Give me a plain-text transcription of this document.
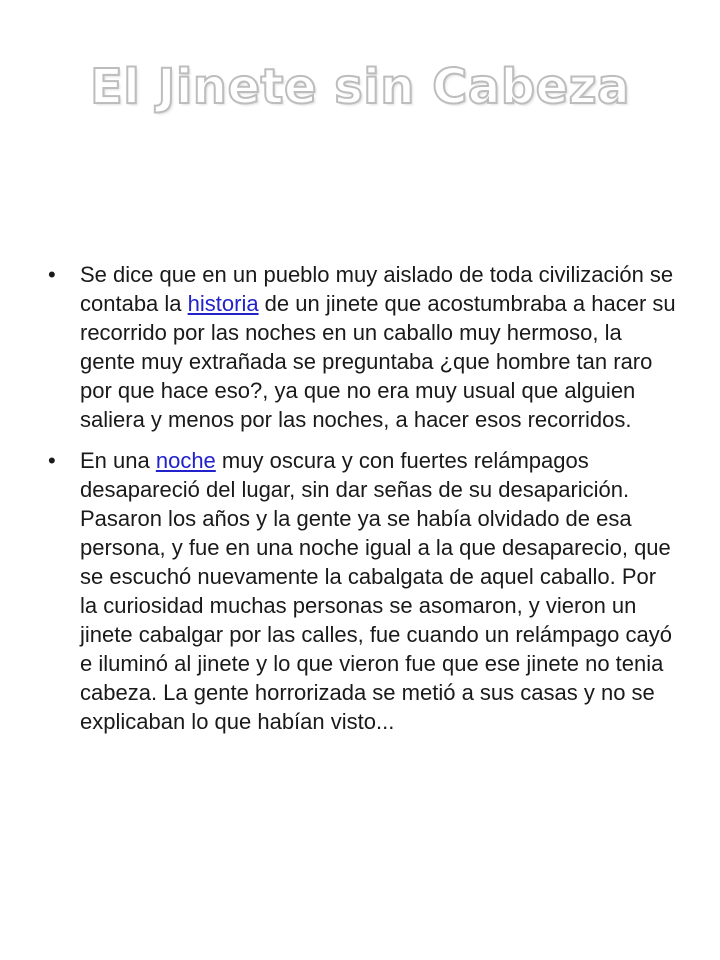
El Jinete sin Cabeza
• Se dice que en un pueblo muy aislado de toda civilización se contaba la historia de un jinete que acostumbraba a hacer su recorrido por las noches en un caballo muy hermoso, la gente muy extrañada se preguntaba ¿que hombre tan raro por que hace eso?, ya que no era muy usual que alguien saliera y menos por las noches, a hacer esos recorridos.
• En una noche muy oscura y con fuertes relámpagos desapareció del lugar, sin dar señas de su desaparición. Pasaron los años y la gente ya se había olvidado de esa persona, y fue en una noche igual a la que desaparecio, que se escuchó nuevamente la cabalgata de aquel caballo. Por la curiosidad muchas personas se asomaron, y vieron un jinete cabalgar por las calles, fue cuando un relámpago cayó e iluminó al jinete y lo que vieron fue que ese jinete no tenia cabeza. La gente horrorizada se metió a sus casas y no se explicaban lo que habían visto...
